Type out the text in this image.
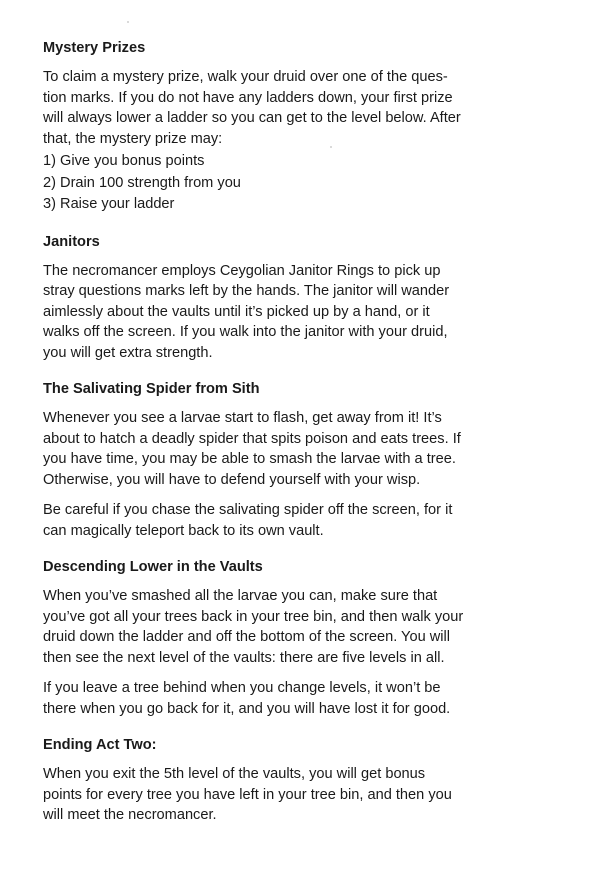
Mystery Prizes

To claim a mystery prize, walk your druid over one of the ques-
tion marks. If you do not have any ladders down, your first prize
will always lower a ladder so you can get to the level below. After
that, the mystery prize may:

1) Give you bonus points
2) Drain 100 strength from you
3) Raise your ladder
Janitors

The necromancer employs Ceygolian Janitor Rings to pick up
stray questions marks left by the hands. The janitor will wander
aimlessly about the vaults until it’s picked up by a hand, or it
walks off the screen. If you walk into the janitor with your druid,
you will get extra strength.

The Salivating Spider from Sith

Whenever you see a larvae start to flash, get away from it! It’s
about to hatch a deadly spider that spits poison and eats trees. If
you have time, you may be able to smash the larvae with a tree.
Otherwise, you will have to defend yourself with your wisp.

Be careful if you chase the salivating spider off the screen, for it
can magically teleport back to its own vault.

Descending Lower in the Vaults

When you’ve smashed all the larvae you can, make sure that
you’ve got all your trees back in your tree bin, and then walk your
druid down the ladder and off the bottom of the screen. You will
then see the next level of the vaults: there are five levels in all.

If you leave a tree behind when you change levels, it won’t be
there when you go back for it, and you will have lost it for good.

Ending Act Two:

When you exit the 5th level of the vaults, you will get bonus
points for every tree you have left in your tree bin, and then you
will meet the necromancer.
